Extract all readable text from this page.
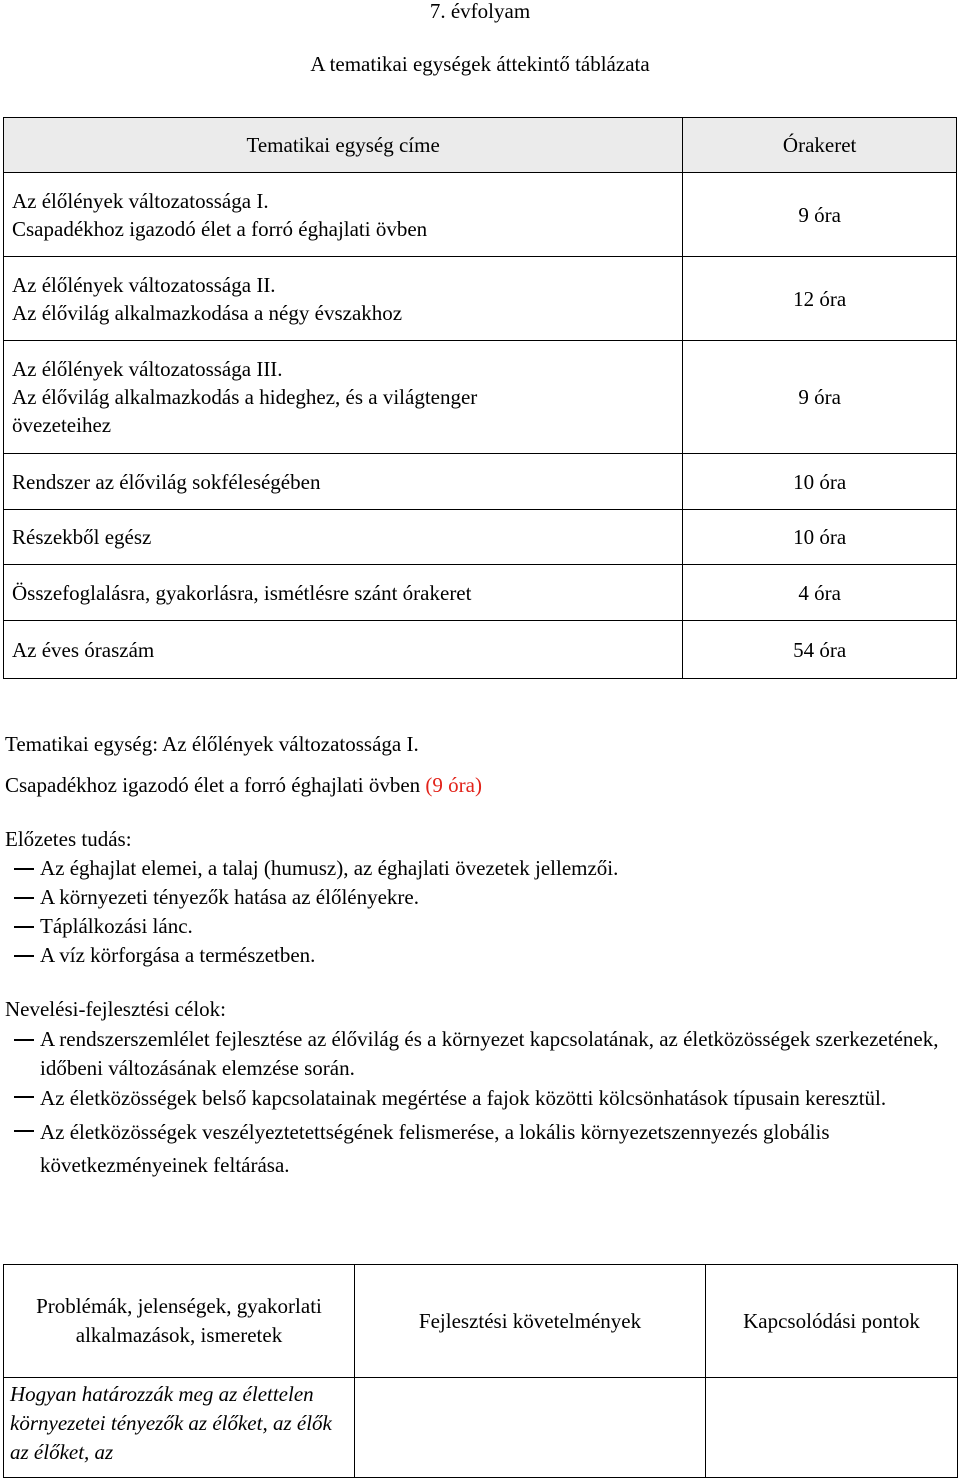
7. évfolyam
A tematikai egységek áttekintő táblázata
Tematikai egység címe	Órakeret

Az élőlények változatossága I.
Csapadékhoz igazodó élet a forró éghajlati övben	9 óra

Az élőlények változatossága II.
Az élővilág alkalmazkodása a négy évszakhoz	12 óra

Az élőlények változatossága III.
Az élővilág alkalmazkodás a hideghez, és a világtenger
övezeteihez	9 óra
Rendszer az élővilág sokféleségében	10 óra
Részekből egész	10 óra
Összefoglalásra, gyakorlásra, ismétlésre szánt órakeret	4 óra
Az éves óraszám	54 óra
Tematikai egység: Az élőlények változatossága I.
Csapadékhoz igazodó élet a forró éghajlati övben (9 óra)
Előzetes tudás:
Az éghajlat elemei, a talaj (humusz), az éghajlati övezetek jellemzői.
A környezeti tényezők hatása az élőlényekre.
Táplálkozási lánc.
A víz körforgása a természetben.
Nevelési-fejlesztési célok:
A rendszerszemlélet fejlesztése az élővilág és a környezet kapcsolatának, az életközösségek szerkezetének, időbeni változásának elemzése során.
Az életközösségek belső kapcsolatainak megértése a fajok közötti kölcsönhatások típusain keresztül.
Az életközösségek veszélyeztetettségének felismerése, a lokális környezetszennyezés globális következményeinek feltárása.
Problémák, jelenségek, gyakorlati alkalmazások, ismeretek	Fejlesztési követelmények	Kapcsolódási pontok
Hogyan határozzák meg az élettelen környezetei tényezők az élőket, az élők az élőket, az		
